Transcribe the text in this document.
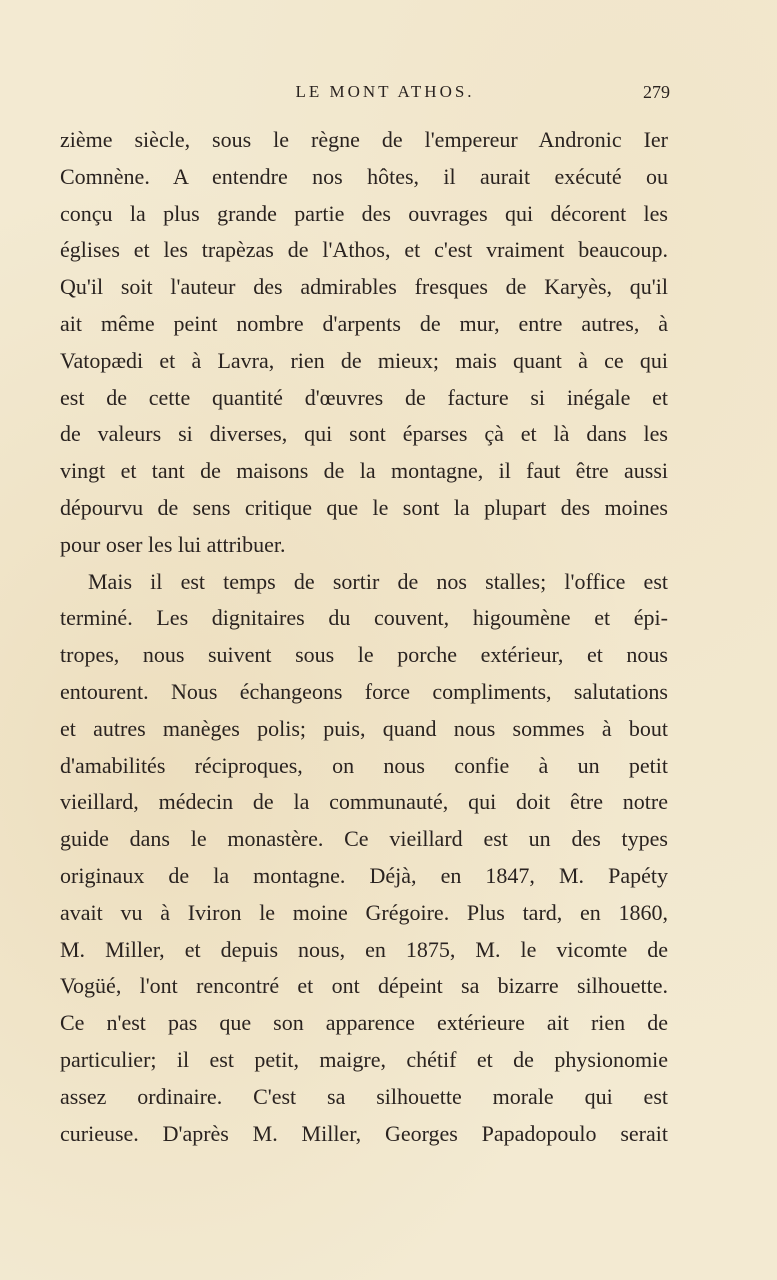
LE MONT ATHOS.	279
zième siècle, sous le règne de l'empereur Andronic Ier
Comnène. A entendre nos hôtes, il aurait exécuté ou
conçu la plus grande partie des ouvrages qui décorent les
églises et les trapèzas de l'Athos, et c'est vraiment beaucoup.
Qu'il soit l'auteur des admirables fresques de Karyès, qu'il
ait même peint nombre d'arpents de mur, entre autres, à
Vatopædi et à Lavra, rien de mieux; mais quant à ce qui
est de cette quantité d'œuvres de facture si inégale et
de valeurs si diverses, qui sont éparses çà et là dans les
vingt et tant de maisons de la montagne, il faut être aussi
dépourvu de sens critique que le sont la plupart des moines
pour oser les lui attribuer.
Mais il est temps de sortir de nos stalles; l'office est
terminé. Les dignitaires du couvent, higoumène et épi-
tropes, nous suivent sous le porche extérieur, et nous
entourent. Nous échangeons force compliments, salutations
et autres manèges polis; puis, quand nous sommes à bout
d'amabilités réciproques, on nous confie à un petit
vieillard, médecin de la communauté, qui doit être notre
guide dans le monastère. Ce vieillard est un des types
originaux de la montagne. Déjà, en 1847, M. Papéty
avait vu à Iviron le moine Grégoire. Plus tard, en 1860,
M. Miller, et depuis nous, en 1875, M. le vicomte de
Vogüé, l'ont rencontré et ont dépeint sa bizarre silhouette.
Ce n'est pas que son apparence extérieure ait rien de
particulier; il est petit, maigre, chétif et de physionomie
assez ordinaire. C'est sa silhouette morale qui est
curieuse. D'après M. Miller, Georges Papadopoulo serait
